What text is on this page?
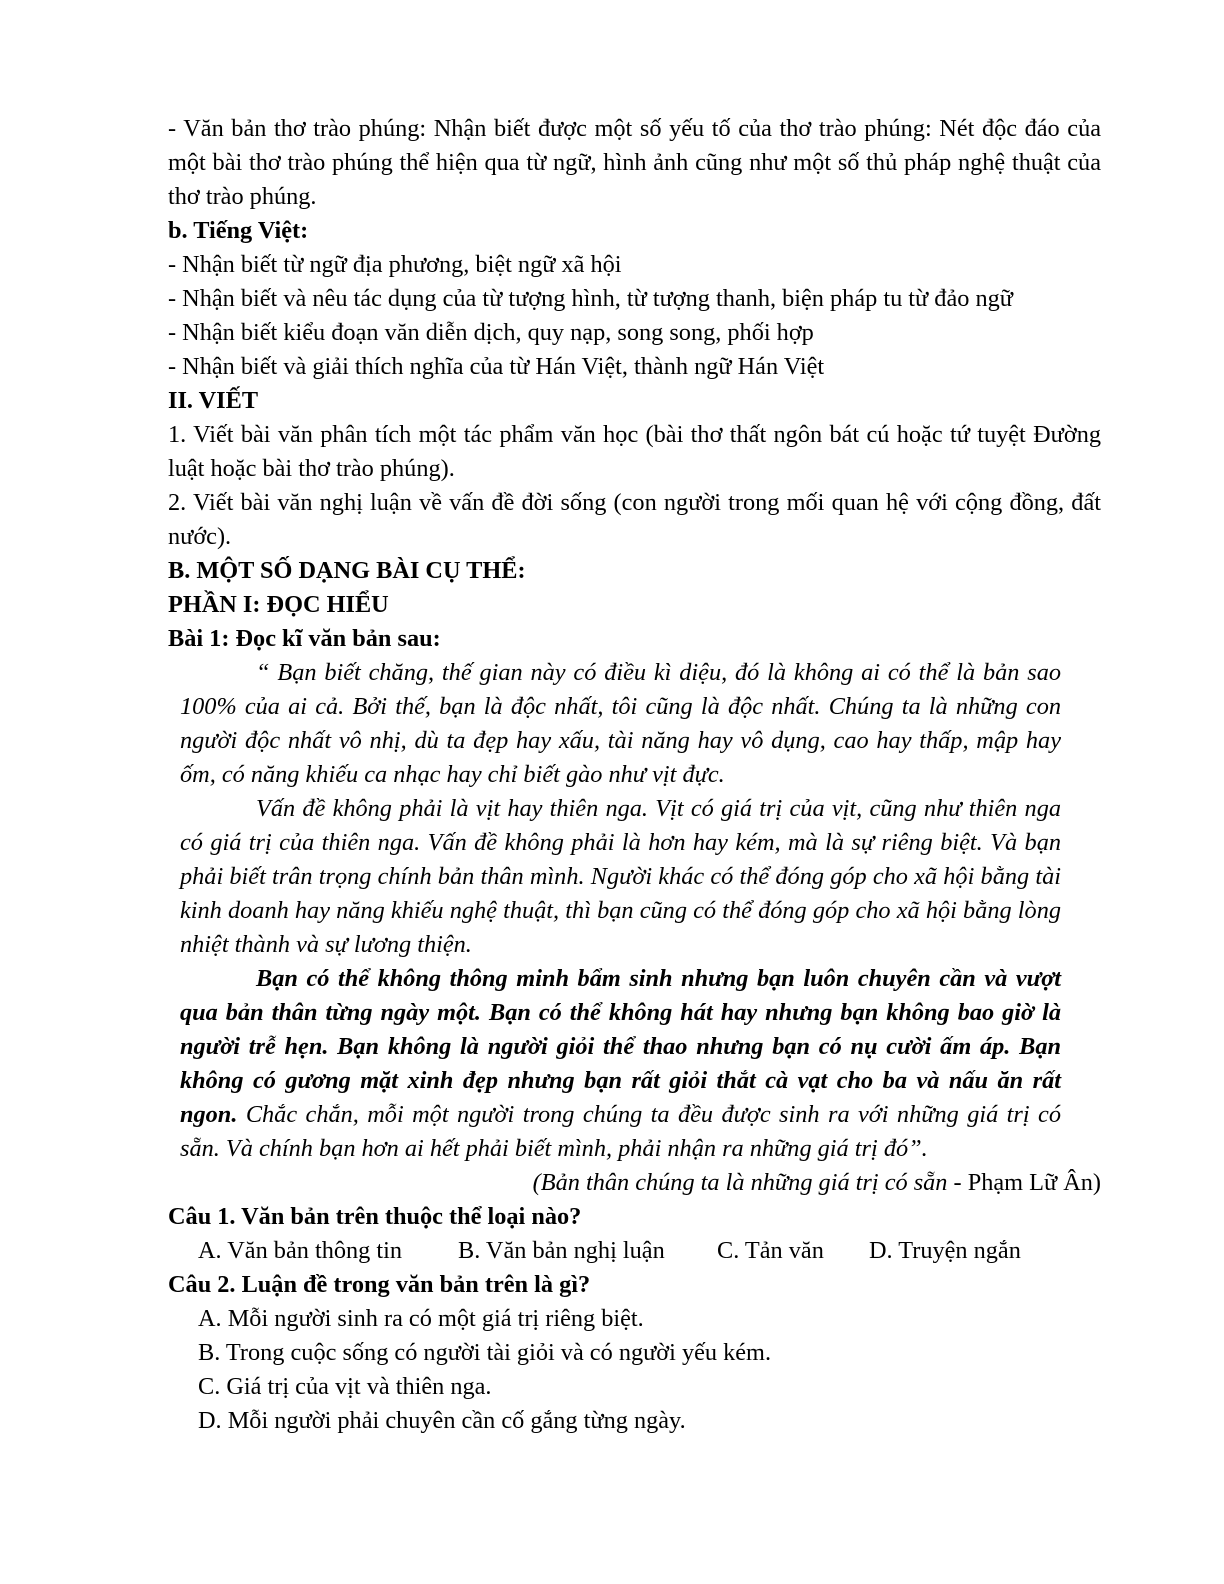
- Văn bản thơ trào phúng: Nhận biết được một số yếu tố của thơ trào phúng: Nét độc đáo của một bài thơ trào phúng thể hiện qua từ ngữ, hình ảnh cũng như một số thủ pháp nghệ thuật của thơ trào phúng.

b. Tiếng Việt:

- Nhận biết từ ngữ địa phương, biệt ngữ xã hội

- Nhận biết và nêu tác dụng của từ tượng hình, từ tượng thanh, biện pháp tu từ đảo ngữ

- Nhận biết kiểu đoạn văn diễn dịch, quy nạp, song song, phối hợp

- Nhận biết và giải thích nghĩa của từ Hán Việt, thành ngữ Hán Việt

II. VIẾT

1. Viết bài văn phân tích một tác phẩm văn học (bài thơ thất ngôn bát cú hoặc tứ tuyệt Đường luật hoặc bài thơ trào phúng).

2. Viết bài văn nghị luận về vấn đề đời sống (con người trong mối quan hệ với cộng đồng, đất nước).

B. MỘT SỐ DẠNG BÀI CỤ THỂ:

PHẦN I: ĐỌC HIỂU

Bài 1: Đọc kĩ văn bản sau:

“ Bạn biết chăng, thế gian này có điều kì diệu, đó là không ai có thể là bản sao 100% của ai cả. Bởi thế, bạn là độc nhất, tôi cũng là độc nhất. Chúng ta là những con người độc nhất vô nhị, dù ta đẹp hay xấu, tài năng hay vô dụng, cao hay thấp, mập hay ốm, có năng khiếu ca nhạc hay chỉ biết gào như vịt đực.

Vấn đề không phải là vịt hay thiên nga. Vịt có giá trị của vịt, cũng như thiên nga có giá trị của thiên nga. Vấn đề không phải là hơn hay kém, mà là sự riêng biệt. Và bạn phải biết trân trọng chính bản thân mình. Người khác có thể đóng góp cho xã hội bằng tài kinh doanh hay năng khiếu nghệ thuật, thì bạn cũng có thể đóng góp cho xã hội bằng lòng nhiệt thành và sự lương thiện.

Bạn có thể không thông minh bẩm sinh nhưng bạn luôn chuyên cần và vượt qua bản thân từng ngày một. Bạn có thể không hát hay nhưng bạn không bao giờ là người trễ hẹn. Bạn không là người giỏi thể thao nhưng bạn có nụ cười ấm áp. Bạn không có gương mặt xinh đẹp nhưng bạn rất giỏi thắt cà vạt cho ba và nấu ăn rất ngon. Chắc chắn, mỗi một người trong chúng ta đều được sinh ra với những giá trị có sẵn. Và chính bạn hơn ai hết phải biết mình, phải nhận ra những giá trị đó”.

(Bản thân chúng ta là những giá trị có sẵn - Phạm Lữ Ân)

Câu 1. Văn bản trên thuộc thể loại nào?

A. Văn bản thông tin	B. Văn bản nghị luận	C. Tản văn	D. Truyện ngắn

Câu 2. Luận đề trong văn bản trên là gì?

A. Mỗi người sinh ra có một giá trị riêng biệt.

B. Trong cuộc sống có người tài giỏi và có người yếu kém.

C. Giá trị của vịt và thiên nga.

D. Mỗi người phải chuyên cần cố gắng từng ngày.
